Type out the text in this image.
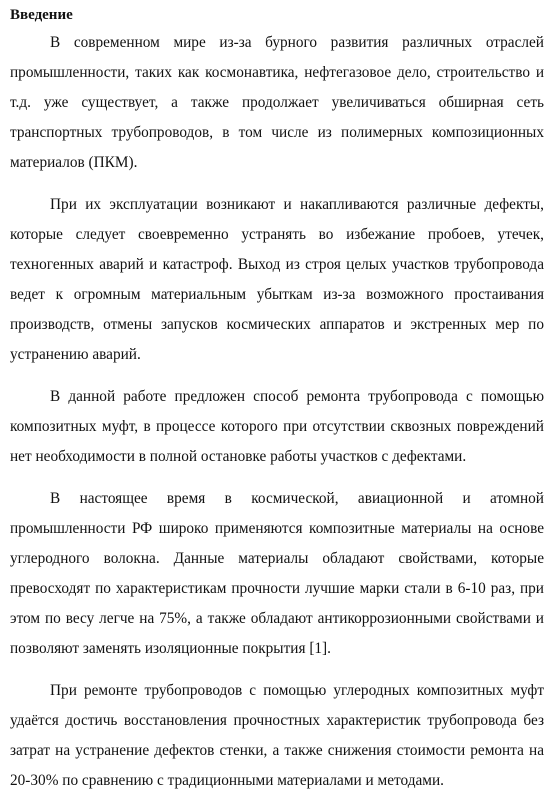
Введение

В современном мире из-за бурного развития различных отраслей промышленности, таких как космонавтика, нефтегазовое дело, строительство и т.д. уже существует, а также продолжает увеличиваться обширная сеть транспортных трубопроводов, в том числе из полимерных композиционных материалов (ПКМ).

При их эксплуатации возникают и накапливаются различные дефекты, которые следует своевременно устранять во избежание пробоев, утечек, техногенных аварий и катастроф. Выход из строя целых участков трубопровода ведет к огромным материальным убыткам из-за возможного простаивания производств, отмены запусков космических аппаратов и экстренных мер по устранению аварий.

В данной работе предложен способ ремонта трубопровода с помощью композитных муфт, в процессе которого при отсутствии сквозных повреждений нет необходимости в полной остановке работы участков с дефектами.

В настоящее время в космической, авиационной и атомной промышленности РФ широко применяются композитные материалы на основе углеродного волокна. Данные материалы обладают свойствами, которые превосходят по характеристикам прочности лучшие марки стали в 6-10 раз, при этом по весу легче на 75%, а также обладают антикоррозионными свойствами и позволяют заменять изоляционные покрытия [1].

При ремонте трубопроводов с помощью углеродных композитных муфт удаётся достичь восстановления прочностных характеристик трубопровода без затрат на устранение дефектов стенки, а также снижения стоимости ремонта на 20-30% по сравнению с традиционными материалами и методами.
